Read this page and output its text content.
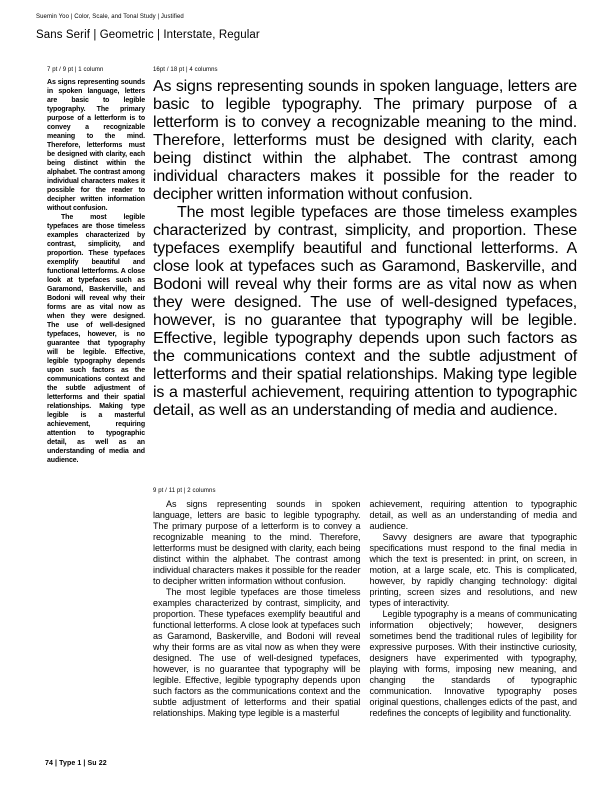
Suemin Yoo | Color, Scale, and Tonal Study | Justified
Sans Serif | Geometric | Interstate, Regular
7 pt / 9 pt | 1 column

As signs representing sounds in spoken language, letters are basic to legible typography. The primary purpose of a letterform is to convey a recognizable meaning to the mind. Therefore, letterforms must be designed with clarity, each being distinct within the alphabet. The contrast among individual characters makes it possible for the reader to decipher written information without confusion.

The most legible typefaces are those timeless examples characterized by contrast, simplicity, and proportion. These typefaces exemplify beautiful and functional letterforms. A close look at typefaces such as Garamond, Baskerville, and Bodoni will reveal why their forms are as vital now as when they were designed. The use of well-designed typefaces, however, is no guarantee that typography will be legible. Effective, legible typography depends upon such factors as the communications context and the subtle adjustment of letterforms and their spatial relationships. Making type legible is a masterful achievement, requiring attention to typographic detail, as well as an understanding of media and audience.

16pt / 18 pt | 4 columns

As signs representing sounds in spoken language, letters are basic to legible typography. The primary purpose of a letterform is to convey a recognizable meaning to the mind. Therefore, letterforms must be designed with clarity, each being distinct within the alphabet. The contrast among individual characters makes it possible for the reader to decipher written information without confusion.

The most legible typefaces are those timeless examples characterized by contrast, simplicity, and proportion. These typefaces exemplify beautiful and functional letterforms. A close look at typefaces such as Garamond, Baskerville, and Bodoni will reveal why their forms are as vital now as when they were designed. The use of well-designed typefaces, however, is no guarantee that typography will be legible. Effective, legible typography depends upon such factors as the communications context and the subtle adjustment of letterforms and their spatial relationships. Making type legible is a masterful achievement, requiring attention to typographic detail, as well as an understanding of media and audience.

9 pt / 11 pt | 2 columns

As signs representing sounds in spoken language, letters are basic to legible typography. The primary purpose of a letterform is to convey a recognizable meaning to the mind. Therefore, letterforms must be designed with clarity, each being distinct within the alphabet. The contrast among individual characters makes it possible for the reader to decipher written information without confusion.

The most legible typefaces are those timeless examples characterized by contrast, simplicity, and proportion. These typefaces exemplify beautiful and functional letterforms. A close look at typefaces such as Garamond, Baskerville, and Bodoni will reveal why their forms are as vital now as when they were designed. The use of well-designed typefaces, however, is no guarantee that typography will be legible. Effective, legible typography depends upon such factors as the communications context and the subtle adjustment of letterforms and their spatial relationships. Making type legible is a masterful

achievement, requiring attention to typographic detail, as well as an understanding of media and audience.

Savvy designers are aware that typographic specifications must respond to the final media in which the text is presented: in print, on screen, in motion, at a large scale, etc. This is complicated, however, by rapidly changing technology: digital printing, screen sizes and resolutions, and new types of interactivity.

Legible typography is a means of communicating information objectively; however, designers sometimes bend the traditional rules of legibility for expressive purposes. With their instinctive curiosity, designers have experimented with typography, playing with forms, imposing new meaning, and changing the standards of typographic communication. Innovative typography poses original questions, challenges edicts of the past, and redefines the concepts of legibility and functionality.

74 | Type 1 | Su 22
